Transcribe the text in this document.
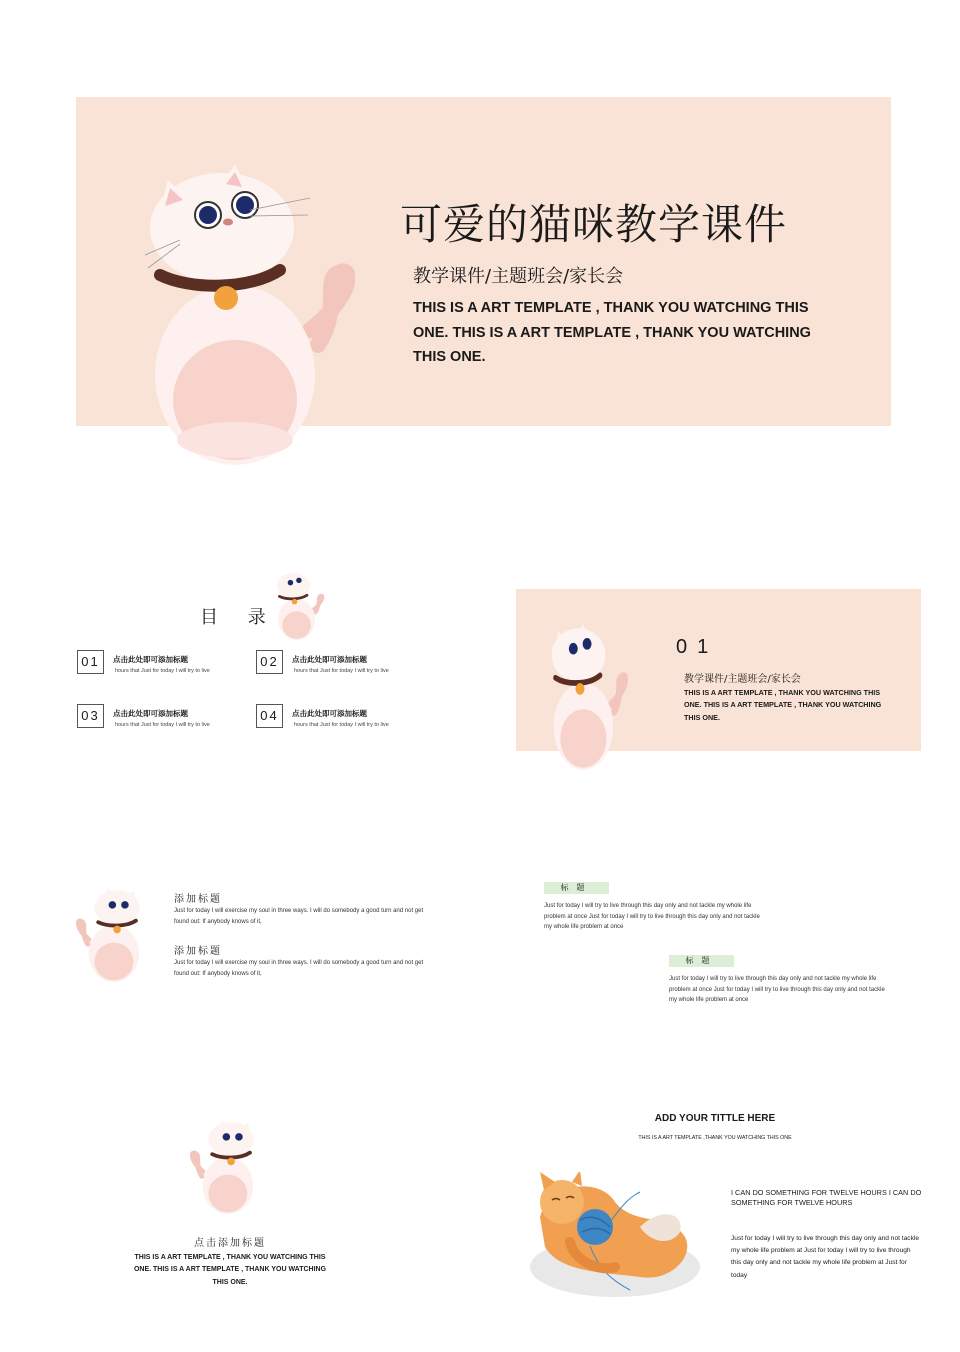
可爱的猫咪教学课件
教学课件/主题班会/家长会
THIS IS A ART TEMPLATE , THANK YOU WATCHING THIS ONE. THIS IS A ART TEMPLATE , THANK YOU WATCHING THIS ONE.
目 录
01	点击此处即可添加标题
hours that Just for today I will try to live
02	点击此处即可添加标题
hours that Just for today I will try to live
03	点击此处即可添加标题
hours that Just for today I will try to live
04	点击此处即可添加标题
hours that Just for today I will try to live
01
教学课件/主题班会/家长会
THIS IS A ART TEMPLATE , THANK YOU WATCHING THIS ONE. THIS IS A ART TEMPLATE , THANK YOU WATCHING THIS ONE.
添加标题
Just for today I will exercise my soul in three ways. I will do somebody a good turn and not get found out: If anybody knows of it,
添加标题
Just for today I will exercise my soul in three ways. I will do somebody a good turn and not get found out: If anybody knows of it,
标题
Just for today I will try to live through this day only and not tackle my whole life problem at once Just for today I will try to live through this day only and not tackle my whole life problem at once
标题
Just for today I will try to live through this day only and not tackle my whole life problem at once Just for today I will try to live through this day only and not tackle my whole life problem at once
点击添加标题
THIS IS A ART TEMPLATE , THANK YOU WATCHING THIS ONE. THIS IS A ART TEMPLATE , THANK YOU WATCHING THIS ONE.
ADD YOUR TITTLE HERE
THIS IS A ART TEMPLATE ,THANK YOU WATCHING THIS ONE
I CAN DO SOMETHING FOR TWELVE HOURS I CAN DO SOMETHING FOR TWELVE HOURS
Just for today I will try to live through this day only and not tackle my whole life problem at Just for today I will try to live through this day only and not tackle my whole life problem at Just for today
